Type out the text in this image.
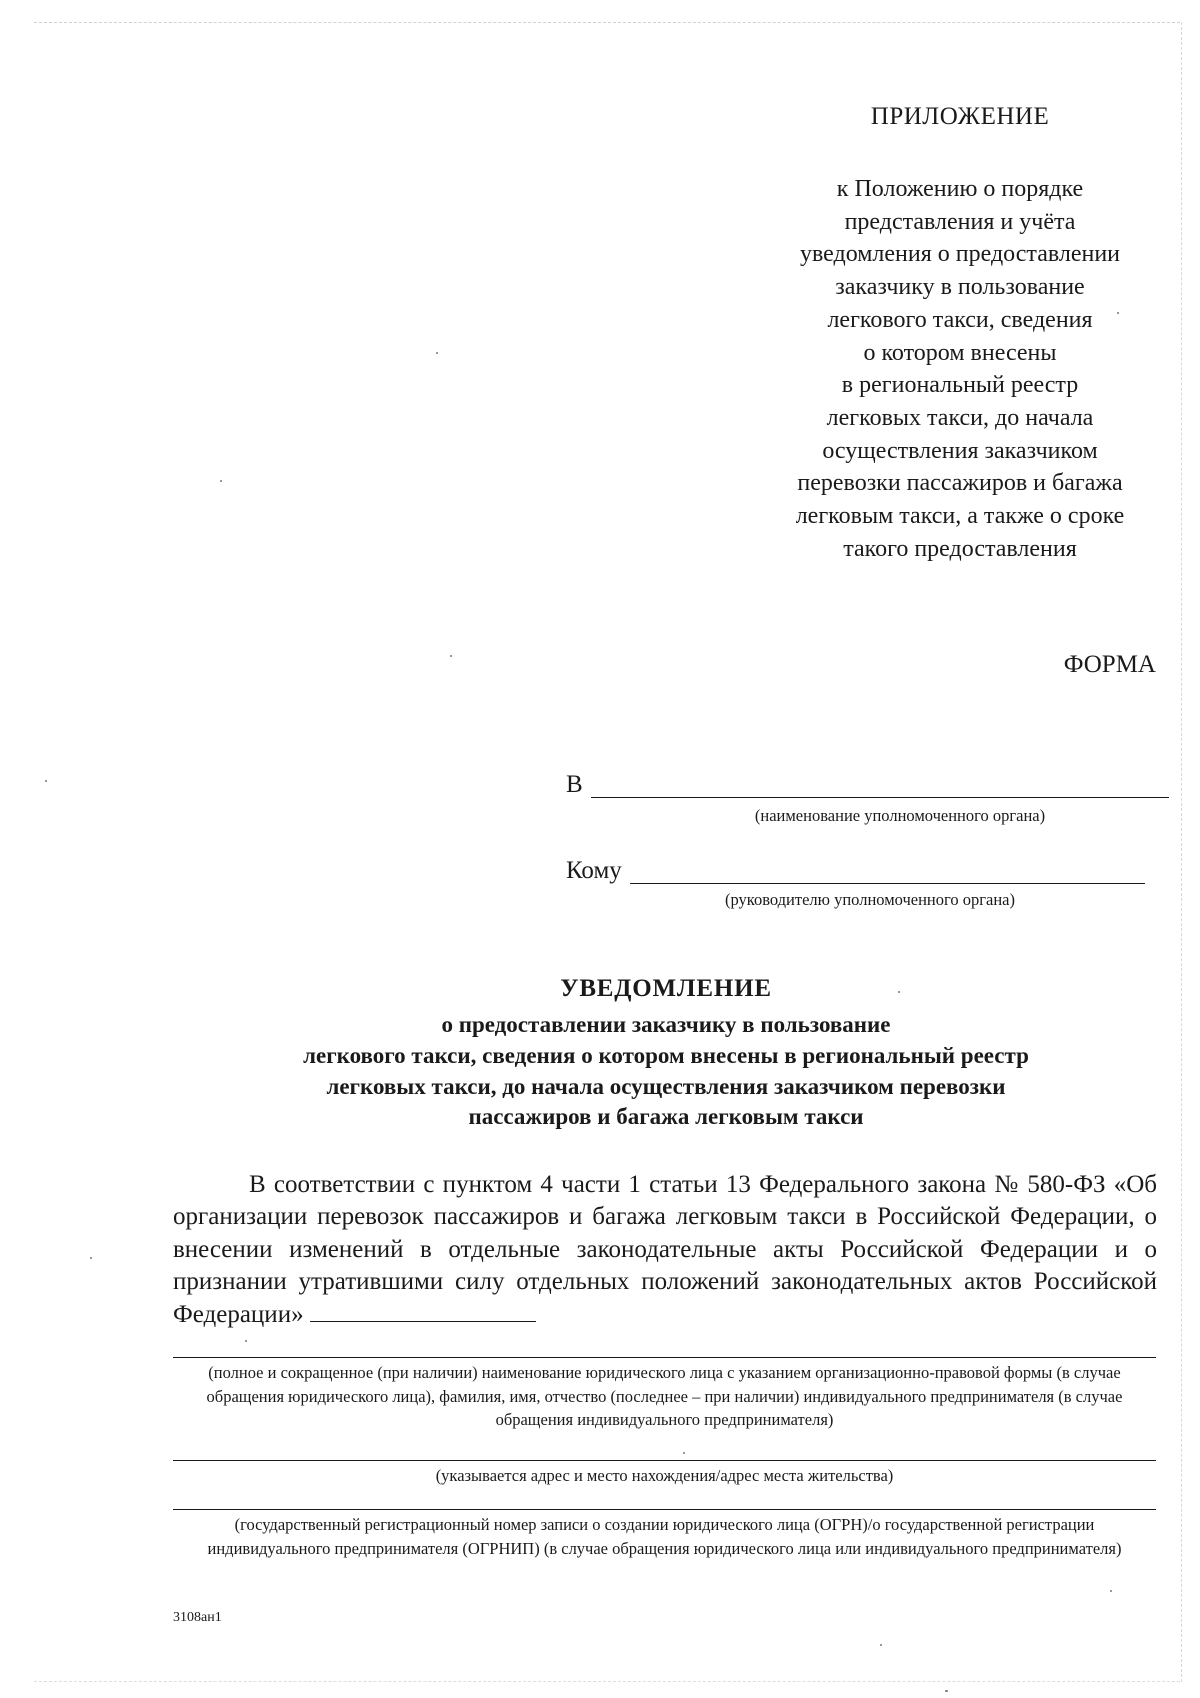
ПРИЛОЖЕНИЕ
к Положению о порядке
представления и учёта
уведомления о предоставлении
заказчику в пользование
легкового такси, сведения
о котором внесены
в региональный реестр
легковых такси, до начала
осуществления заказчиком
перевозки пассажиров и багажа
легковым такси, а также о сроке
такого предоставления
ФОРМА
В
(наименование уполномоченного органа)
Кому
(руководителю уполномоченного органа)
УВЕДОМЛЕНИЕ
о предоставлении заказчику в пользование
легкового такси, сведения о котором внесены в региональный реестр
легковых такси, до начала осуществления заказчиком перевозки
пассажиров и багажа легковым такси
В соответствии с пунктом 4 части 1 статьи 13 Федерального закона № 580-ФЗ «Об организации перевозок пассажиров и багажа легковым такси в Российской Федерации, о внесении изменений в отдельные законодательные акты Российской Федерации и о признании утратившими силу отдельных положений законодательных актов Российской Федерации»
(полное и сокращенное (при наличии) наименование юридического лица с указанием организационно-правовой формы (в случае обращения юридического лица), фамилия, имя, отчество (последнее – при наличии) индивидуального предпринимателя (в случае обращения индивидуального предпринимателя)
(указывается адрес и место нахождения/адрес места жительства)
(государственный регистрационный номер записи о создании юридического лица (ОГРН)/о государственной регистрации индивидуального предпринимателя (ОГРНИП) (в случае обращения юридического лица или индивидуального предпринимателя)
3108ан1
